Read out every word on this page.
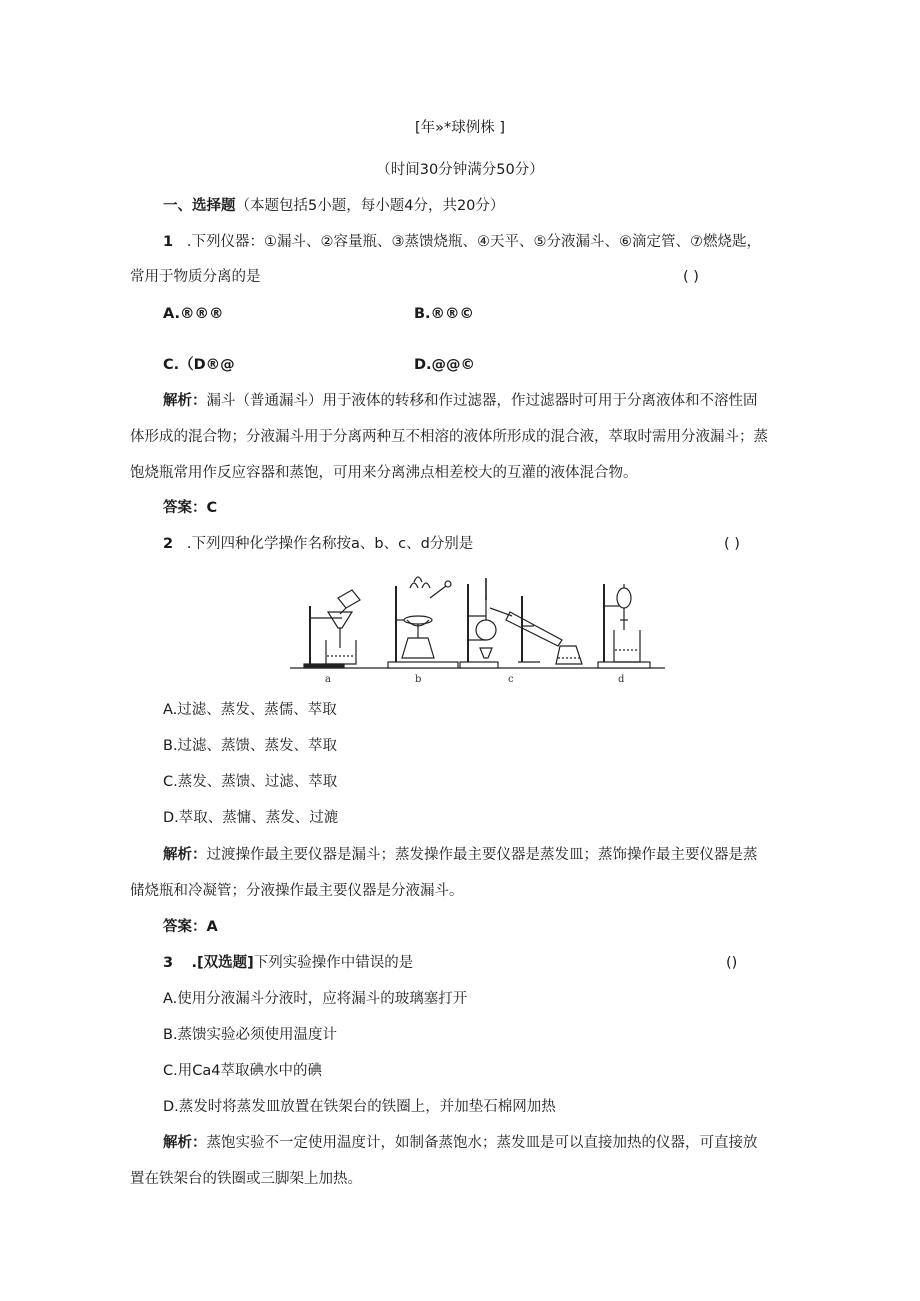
[年»*球例株 ]
（时间30分钟满分50分）
一、选择题（本题包括5小题，每小题4分，共20分）
1 .下列仪器：①漏斗、②容量瓶、③蒸馈烧瓶、④天平、⑤分液漏斗、⑥滴定管、⑦燃烧匙，
常用于物质分离的是	( )
A.®®®	B.®®©
C.（D®@	D.@@©
解析：漏斗（普通漏斗）用于液体的转移和作过滤器，作过滤器时可用于分离液体和不溶性固
体形成的混合物；分液漏斗用于分离两种互不相溶的液体所形成的混合液，萃取时需用分液漏斗；蒸
饱烧瓶常用作反应容器和蒸饱，可用来分离沸点相差校大的互灌的液体混合物。
答案：C
2 .下列四种化学操作名称按a、b、c、d分别是	( )
a	b	c	d
A.过滤、蒸发、蒸儒、萃取
B.过滤、蒸馈、蒸发、萃取
C.蒸发、蒸馈、过滤、萃取
D.萃取、蒸慵、蒸发、过漉
解析：过渡操作最主要仪器是漏斗；蒸发操作最主要仪器是蒸发皿；蒸饰操作最主要仪器是蒸
储烧瓶和冷凝管；分液操作最主要仪器是分液漏斗。
答案：A
3 .[双选题]下列实验操作中错误的是	()
A.使用分液漏斗分液时，应将漏斗的玻璃塞打开
B.蒸馈实验必须使用温度计
C.用Ca4萃取碘水中的碘
D.蒸发时将蒸发皿放置在铁架台的铁圈上，并加垫石棉网加热
解析：蒸饱实验不一定使用温度计，如制备蒸饱水；蒸发皿是可以直接加热的仪器，可直接放
置在铁架台的铁圈或三脚架上加热。
